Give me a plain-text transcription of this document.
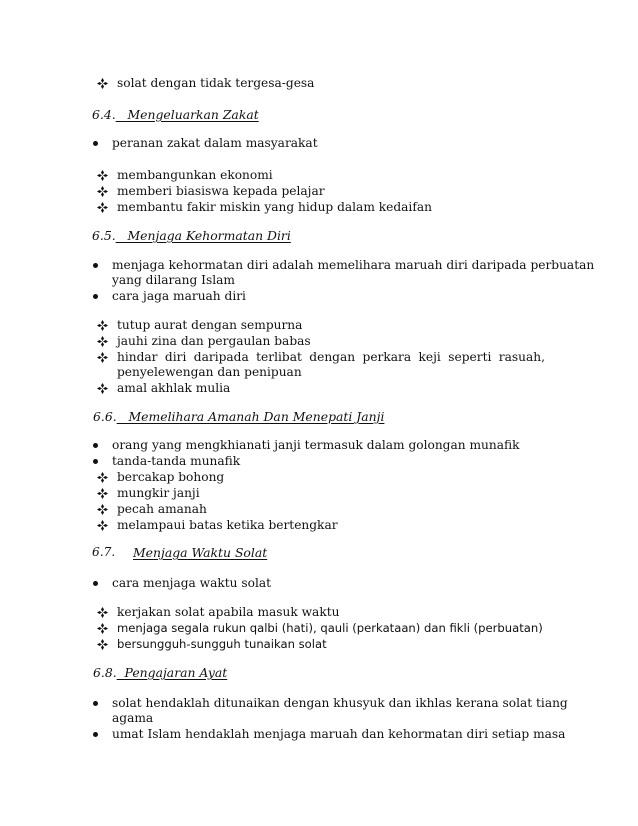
solat dengan tidak tergesa-gesa
6.4. Mengeluarkan Zakat
peranan zakat dalam masyarakat
membangunkan ekonomi
memberi biasiswa kepada pelajar
membantu fakir miskin yang hidup dalam kedaifan
6.5. Menjaga Kehormatan Diri
menjaga kehormatan diri adalah memelihara maruah diri daripada perbuatan
yang dilarang Islam
cara jaga maruah diri
tutup aurat dengan sempurna
jauhi zina dan pergaulan babas
hindar diri daripada terlibat dengan perkara keji seperti rasuah,
penyelewengan dan penipuan
amal akhlak mulia
6.6. Memelihara Amanah Dan Menepati Janji
orang yang mengkhianati janji termasuk dalam golongan munafik
tanda-tanda munafik
bercakap bohong
mungkir janji
pecah amanah
melampaui batas ketika bertengkar
6.7. Menjaga Waktu Solat
cara menjaga waktu solat
kerjakan solat apabila masuk waktu
menjaga segala rukun qalbi (hati), qauli (perkataan) dan fikli (perbuatan)
bersungguh-sungguh tunaikan solat
6.8. Pengajaran Ayat
solat hendaklah ditunaikan dengan khusyuk dan ikhlas kerana solat tiang
agama
umat Islam hendaklah menjaga maruah dan kehormatan diri setiap masa
